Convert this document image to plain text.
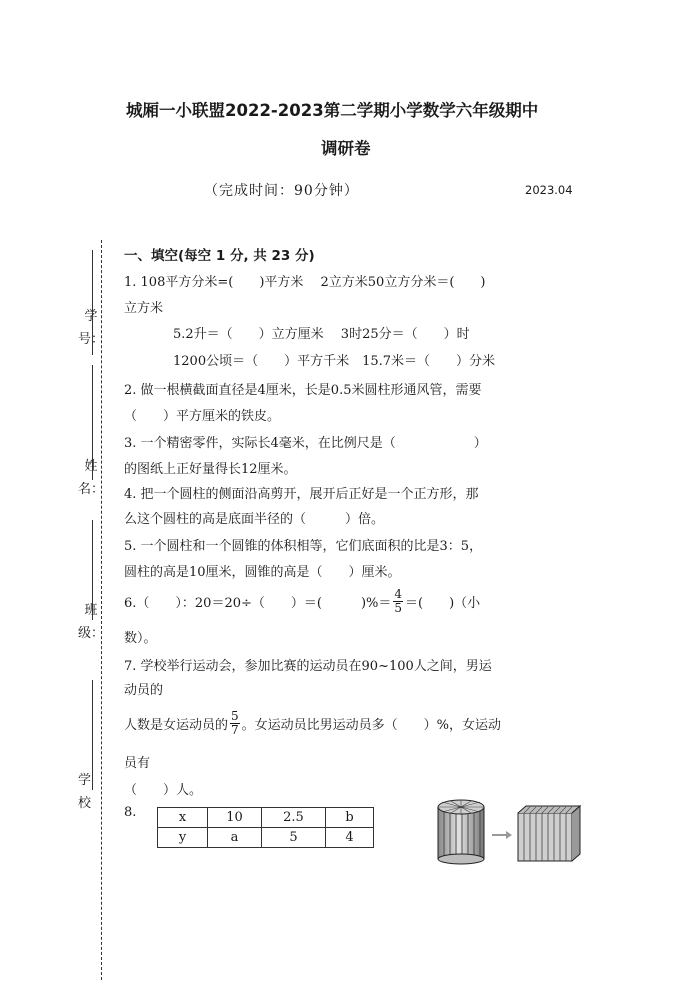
城厢一小联盟2022-2023第二学期小学数学六年级期中
调研卷
（完成时间：90分钟）	2023.04
学
号：
姓
名：
班
级：
学
校
一、填空(每空 1 分, 共 23 分)
1. 108平方分米=(　　)平方米　 2立方米50立方分米＝(　　)
立方米
5.2升＝（　　）立方厘米　 3时25分＝（　　）时
1200公顷＝（　　）平方千米　15.7米＝（　　）分米
2. 做一根横截面直径是4厘米，长是0.5米圆柱形通风管，需要
（　　）平方厘米的铁皮。
3. 一个精密零件，实际长4毫米，在比例尺是（　　　　　　）
的图纸上正好量得长12厘米。
4. 把一个圆柱的侧面沿高剪开，展开后正好是一个正方形，那
么这个圆柱的高是底面半径的（　　　）倍。
5. 一个圆柱和一个圆锥的体积相等，它们底面积的比是3：5，
圆柱的高是10厘米，圆锥的高是（　　）厘米。
6.（　　）：20＝20÷（　　）＝(　　　)%＝ $\frac{4}{5}$ ＝(　　)（小
数）。
7. 学校举行运动会，参加比赛的运动员在90~100人之间，男运
动员的
人数是女运动员的 $\frac{5}{7}$ 。女运动员比男运动员多（　　）%，女运动
员有
（　　）人。
8.	x	10	2.5	b
y	a	5	4
